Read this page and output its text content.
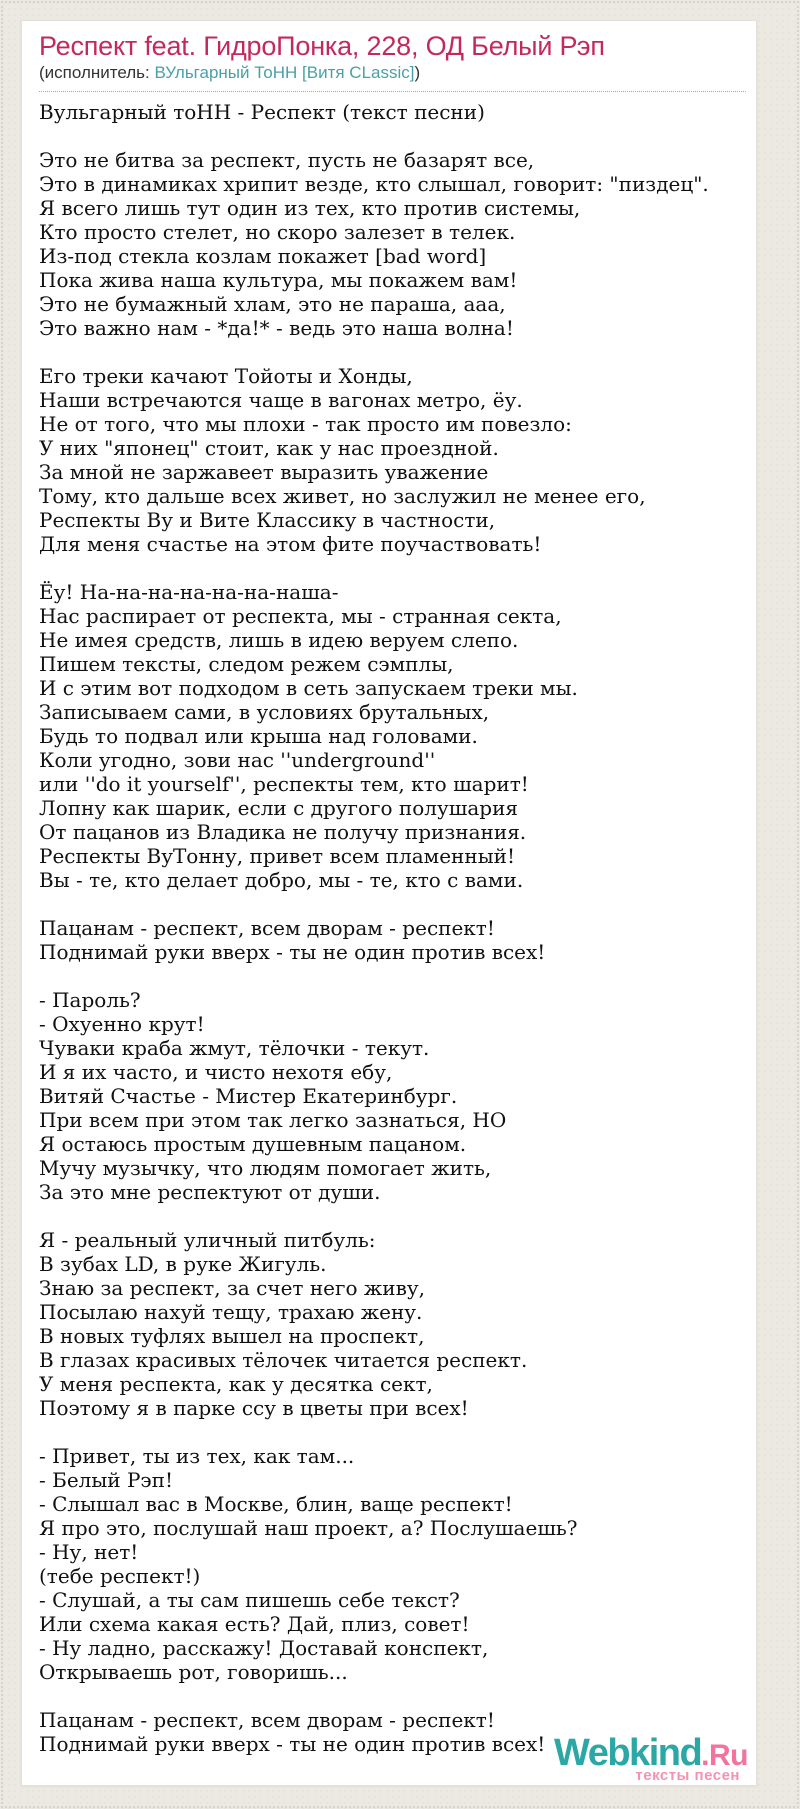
Респект feat. ГидроПонка, 228, ОД Белый Рэп
(исполнитель: ВУльгарный ТоНН [Витя CLassic])

Вульгарный тоНН - Респект (текст песни)

Это не битва за респект, пусть не базарят все,
Это в динамиках хрипит везде, кто слышал, говорит: "пиздец".
Я всего лишь тут один из тех, кто против системы,
Кто просто стелет, но скоро залезет в телек.
Из-под стекла козлам покажет [bad word]
Пока жива наша культура, мы покажем вам!
Это не бумажный хлам, это не параша, ааа,
Это важно нам - *да!* - ведь это наша волна!

Его треки качают Тойоты и Хонды,
Наши встречаются чаще в вагонах метро, ёу.
Не от того, что мы плохи - так просто им повезло:
У них "японец" стоит, как у нас проездной.
За мной не заржавеет выразить уважение
Тому, кто дальше всех живет, но заслужил не менее его,
Респекты Ву и Вите Классику в частности,
Для меня счастье на этом фите поучаствовать!

Ёу! На-на-на-на-на-на-наша-
Нас распирает от респекта, мы - странная секта,
Не имея средств, лишь в идею веруем слепо.
Пишем тексты, следом режем сэмплы,
И с этим вот подходом в сеть запускаем треки мы.
Записываем сами, в условиях брутальных,
Будь то подвал или крыша над головами.
Коли угодно, зови нас ''underground''
или ''do it yourself'', респекты тем, кто шарит!
Лопну как шарик, если с другого полушария
От пацанов из Владика не получу признания.
Респекты ВуТонну, привет всем пламенный!
Вы - те, кто делает добро, мы - те, кто с вами.

Пацанам - респект, всем дворам - респект!
Поднимай руки вверх - ты не один против всех!

- Пароль?
- Охуенно крут!
Чуваки краба жмут, тёлочки - текут.
И я их часто, и чисто нехотя ебу,
Витяй Счастье - Мистер Екатеринбург.
При всем при этом так легко зазнаться, НО
Я остаюсь простым душевным пацаном.
Мучу музычку, что людям помогает жить,
За это мне респектуют от души.

Я - реальный уличный питбуль:
В зубах LD, в руке Жигуль.
Знаю за респект, за счет него живу,
Посылаю нахуй тещу, трахаю жену.
В новых туфлях вышел на проспект,
В глазах красивых тёлочек читается респект.
У меня респекта, как у десятка сект,
Поэтому я в парке ссу в цветы при всех!

- Привет, ты из тех, как там...
- Белый Рэп!
- Слышал вас в Москве, блин, ваще респект!
Я про это, послушай наш проект, а? Послушаешь?
- Ну, нет!
(тебе респект!)
- Слушай, а ты сам пишешь себе текст?
Или схема какая есть? Дай, плиз, совет!
- Ну ладно, расскажу! Доставай конспект,
Открываешь рот, говоришь...

Пацанам - респект, всем дворам - респект!
Поднимай руки вверх - ты не один против всех! Webkind.Ru
тексты песен
